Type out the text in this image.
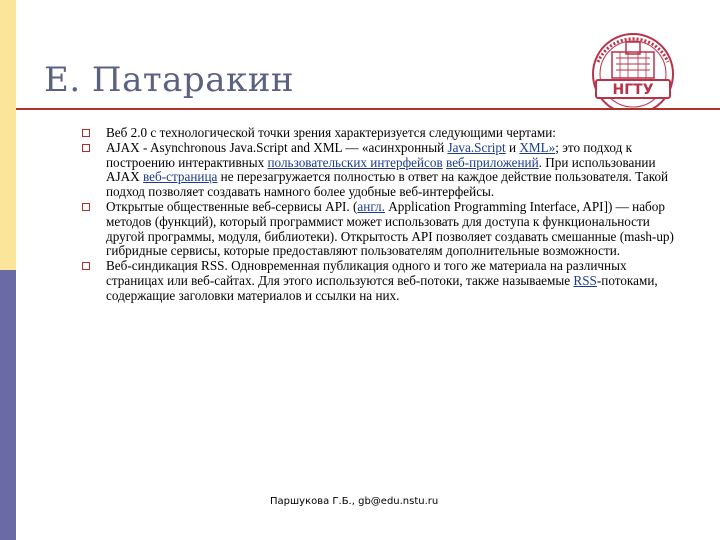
Е. Патаракин	НГТУ
Веб 2.0 с технологической точки зрения характеризуется следующими чертами:
AJAX - Asynchronous Java.Script and XML — «асинхронный Java.Script и XML»; это подход к построению интерактивных пользовательских интерфейсов веб-приложений. При использовании AJAX веб-страница не перезагружается полностью в ответ на каждое действие пользователя. Такой подход позволяет создавать намного более удобные веб-интерфейсы.
Открытые общественные веб-сервисы API. (англ. Application Programming Interface, API]) — набор методов (функций), который программист может использовать для доступа к функциональности другой программы, модуля, библиотеки). Открытость API позволяет создавать смешанные (mash-up) гибридные сервисы, которые предоставляют пользователям дополнительные возможности.
Веб-синдикация RSS. Одновременная публикация одного и того же материала на различных страницах или веб-сайтах. Для этого используются веб-потоки, также называемые RSS-потоками, содержащие заголовки материалов и ссылки на них.
Паршукова Г.Б., gb@edu.nstu.ru
